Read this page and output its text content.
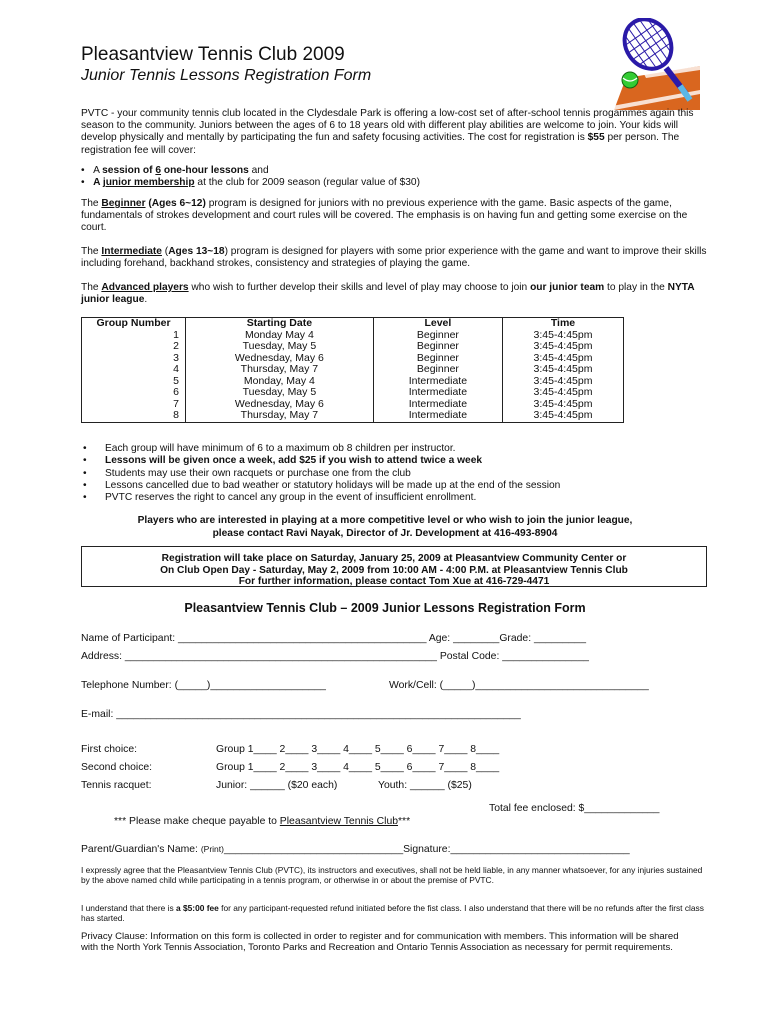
Pleasantview Tennis Club 2009
Junior Tennis Lessons Registration Form
PVTC - your community tennis club located in the Clydesdale Park is offering a low-cost set of after-school tennis progammes again this season to the community. Juniors between the ages of 6 to 18 years old with different play abilities are welcome to join. Your kids will develop physically and mentally by participating the fun and safety focusing activities. The cost for registration is $55 per person. The registration fee will cover:
•   A session of 6 one-hour lessons and
•   A junior membership at the club for 2009 season (regular value of $30)
The Beginner (Ages 6~12) program is designed for juniors with no previous experience with the game. Basic aspects of the game, fundamentals of strokes development and court rules will be covered. The emphasis is on having fun and getting some exercise on the court.
The Intermediate (Ages 13~18) program is designed for players with some prior experience with the game and want to improve their skills including forehand, backhand strokes, consistency and strategies of playing the game.
The Advanced players who wish to further develop their skills and level of play may choose to join our junior team to play in the NYTA junior league.
Group Number	Starting Date	Level	Time
1	Monday May 4	Beginner	3:45-4:45pm
2	Tuesday, May 5	Beginner	3:45-4:45pm
3	Wednesday, May 6	Beginner	3:45-4:45pm
4	Thursday, May 7	Beginner	3:45-4:45pm
5	Monday, May 4	Intermediate	3:45-4:45pm
6	Tuesday, May 5	Intermediate	3:45-4:45pm
7	Wednesday, May 6	Intermediate	3:45-4:45pm
8	Thursday, May 7	Intermediate	3:45-4:45pm
•	Each group will have minimum of 6 to a maximum ob 8 children per instructor.
•	Lessons will be given once a week, add $25 if you wish to attend twice a week
•	Students may use their own racquets or purchase one from the club
•	Lessons cancelled due to bad weather or statutory holidays will be made up at the end of the session
•	PVTC reserves the right to cancel any group in the event of insufficient enrollment.
Players who are interested in playing at a more competitive level or who wish to join the junior league,
please contact Ravi Nayak, Director of Jr. Development at 416-493-8904
Registration will take place on Saturday, January 25, 2009 at Pleasantview Community Center or
On Club Open Day - Saturday, May 2, 2009 from 10:00 AM - 4:00 P.M. at Pleasantview Tennis Club
For further information, please contact Tom Xue at 416-729-4471
Pleasantview Tennis Club – 2009 Junior Lessons Registration Form
Name of Participant: ___________________________________________ Age: ________Grade: _________
Address: ______________________________________________________ Postal Code: _______________
Telephone Number: (_____)____________________	Work/Cell: (_____)______________________________
E-mail: ______________________________________________________________________
First choice:	Group 1____ 2____ 3____ 4____ 5____ 6____ 7____ 8____
Second choice:	Group 1____ 2____ 3____ 4____ 5____ 6____ 7____ 8____
Tennis racquet:	Junior: ______ ($20 each)	Youth: ______ ($25)
Total fee enclosed: $_____________
*** Please make cheque payable to Pleasantview Tennis Club***
Parent/Guardian's Name: (Print)_______________________________Signature:_______________________________
I expressly agree that the Pleasantview Tennis Club (PVTC), its instructors and executives, shall not be held liable, in any manner whatsoever, for any injuries sustained by the above named child while participating in a tennis program, or otherwise in or about the premise of PVTC.
I understand that there is a $5:00 fee for any participant-requested refund initiated before the fist class. I also understand that there will be no refunds after the first class has started.
Privacy Clause: Information on this form is collected in order to register and for communication with members. This information will be shared with the North York Tennis Association, Toronto Parks and Recreation and Ontario Tennis Association as necessary for permit requirements.
